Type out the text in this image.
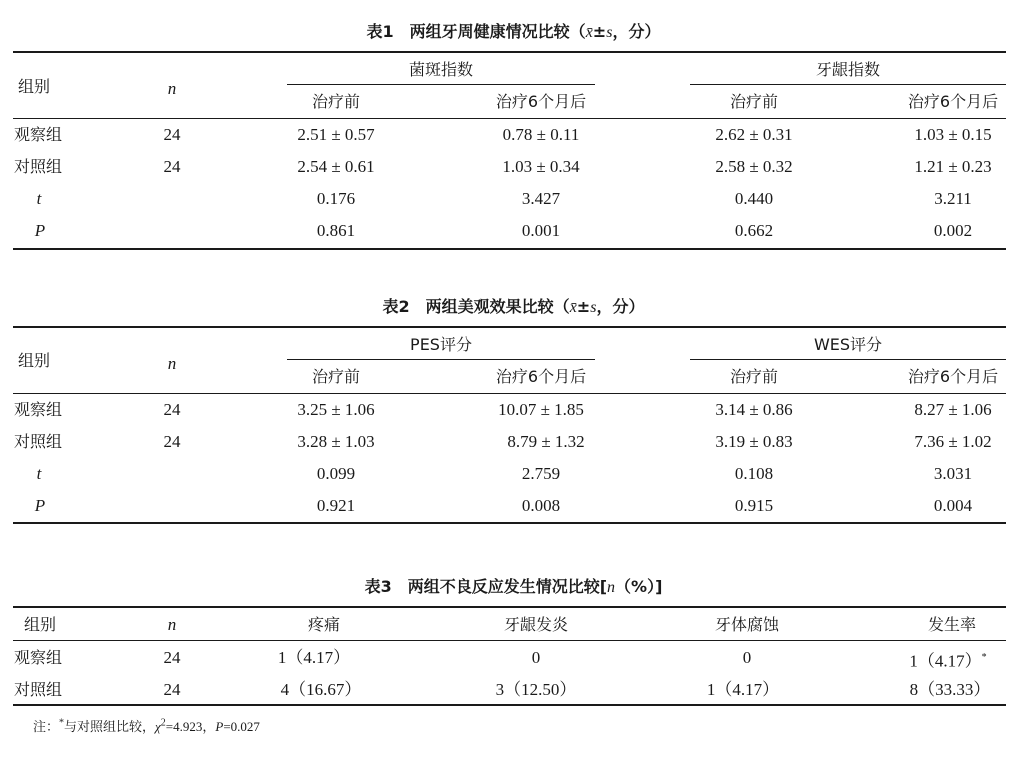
表1　两组牙周健康情况比较（x̄±s，分）
组别	n
菌斑指数	牙龈指数
治疗前	治疗6个月后	治疗前	治疗6个月后
观察组	24	2.51 ± 0.57	0.78 ± 0.11	2.62 ± 0.31	1.03 ± 0.15
对照组	24	2.54 ± 0.61	1.03 ± 0.34	2.58 ± 0.32	1.21 ± 0.23
t	0.176	3.427	0.440	3.211
P	0.861	0.001	0.662	0.002
表2　两组美观效果比较（x̄±s，分）
组别	n
PES评分	WES评分
治疗前	治疗6个月后	治疗前	治疗6个月后
观察组	24	3.25 ± 1.06	10.07 ± 1.85	3.14 ± 0.86	8.27 ± 1.06
对照组	24	3.28 ± 1.03	8.79 ± 1.32	3.19 ± 0.83	7.36 ± 1.02
t	0.099	2.759	0.108	3.031
P	0.921	0.008	0.915	0.004
表3　两组不良反应发生情况比较[n（%）]
组别	n	疼痛	牙龈发炎	牙体腐蚀	发生率
观察组	24	1（4.17）	0	0	1（4.17）*
对照组	24	4（16.67）	3（12.50）	1（4.17）	8（33.33）
注：*与对照组比较，$\chi^2=4.923$，P=0.027
